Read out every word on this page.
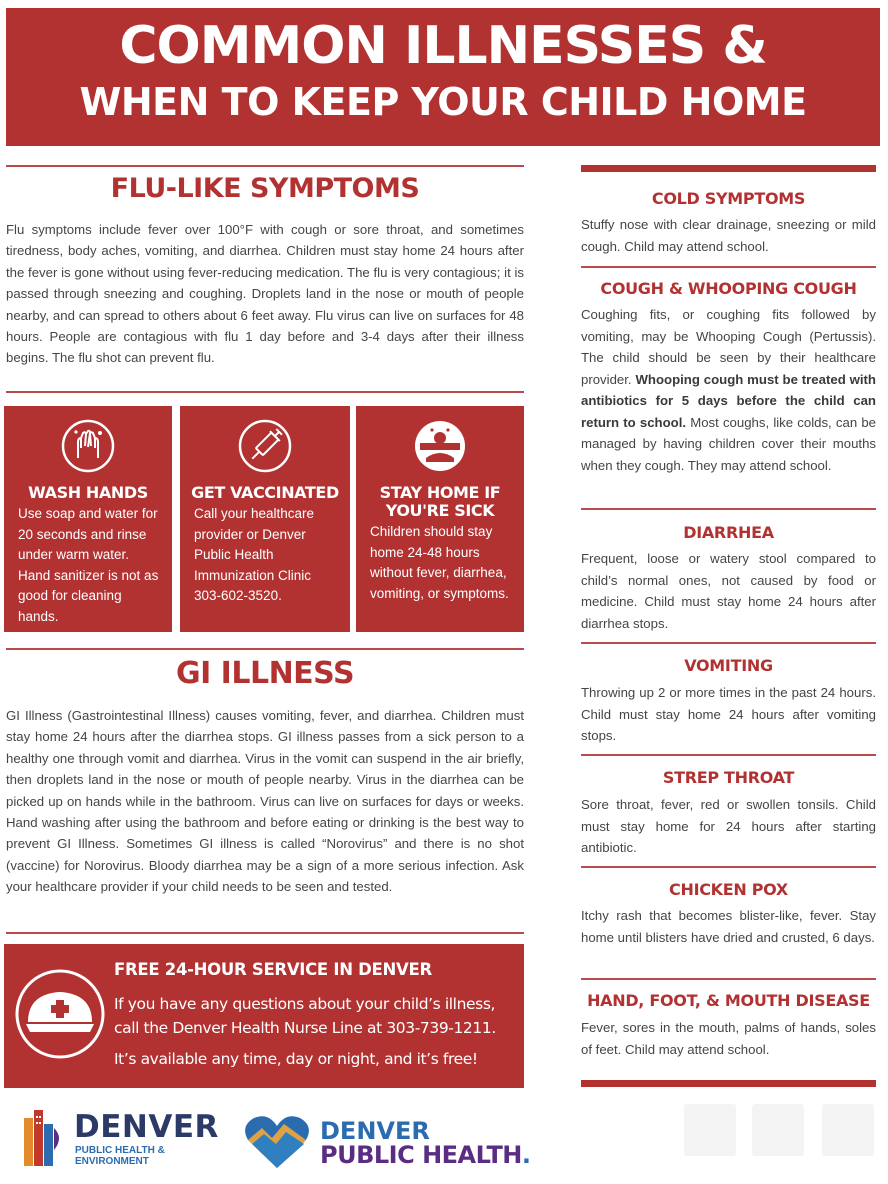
COMMON ILLNESSES &
WHEN TO KEEP YOUR CHILD HOME
FLU-LIKE SYMPTOMS
Flu symptoms include fever over 100°F with cough or sore throat, and sometimes tiredness, body aches, vomiting, and diarrhea. Children must stay home 24 hours after the fever is gone without using fever-reducing medication. The flu is very contagious; it is passed through sneezing and coughing. Droplets land in the nose or mouth of people nearby, and can spread to others about 6 feet away. Flu virus can live on surfaces for 48 hours. People are contagious with flu 1 day before and 3-4 days after their illness begins. The flu shot can prevent flu.
WASH HANDS
Use soap and water for 20 seconds and rinse under warm water. Hand sanitizer is not as good for cleaning hands.
GET VACCINATED
Call your healthcare provider or Denver Public Health Immunization Clinic 303-602-3520.
STAY HOME IF YOU'RE SICK
Children should stay home 24-48 hours without fever, diarrhea, vomiting, or symptoms.
GI ILLNESS
GI Illness (Gastrointestinal Illness) causes vomiting, fever, and diarrhea. Children must stay home 24 hours after the diarrhea stops. GI illness passes from a sick person to a healthy one through vomit and diarrhea. Virus in the vomit can suspend in the air briefly, then droplets land in the nose or mouth of people nearby. Virus in the diarrhea can be picked up on hands while in the bathroom. Virus can live on surfaces for days or weeks. Hand washing after using the bathroom and before eating or drinking is the best way to prevent GI Illness. Sometimes GI illness is called “Norovirus” and there is no shot (vaccine) for Norovirus. Bloody diarrhea may be a sign of a more serious infection. Ask your healthcare provider if your child needs to be seen and tested.
FREE 24-HOUR SERVICE IN DENVER
If you have any questions about your child’s illness, call the Denver Health Nurse Line at 303-739-1211.
It’s available any time, day or night, and it’s free!
DENVER
PUBLIC HEALTH &
ENVIRONMENT
DENVER
PUBLIC HEALTH.
COLD SYMPTOMS
Stuffy nose with clear drainage, sneezing or mild cough. Child may attend school.
COUGH & WHOOPING COUGH
Coughing fits, or coughing fits followed by vomiting, may be Whooping Cough (Pertussis). The child should be seen by their healthcare provider. Whooping cough must be treated with antibiotics for 5 days before the child can return to school. Most coughs, like colds, can be managed by having children cover their mouths when they cough. They may attend school.
DIARRHEA
Frequent, loose or watery stool compared to child’s normal ones, not caused by food or medicine. Child must stay home 24 hours after diarrhea stops.
VOMITING
Throwing up 2 or more times in the past 24 hours. Child must stay home 24 hours after vomiting stops.
STREP THROAT
Sore throat, fever, red or swollen tonsils. Child must stay home for 24 hours after starting antibiotic.
CHICKEN POX
Itchy rash that becomes blister-like, fever. Stay home until blisters have dried and crusted, 6 days.
HAND, FOOT, & MOUTH DISEASE
Fever, sores in the mouth, palms of hands, soles of feet. Child may attend school.
